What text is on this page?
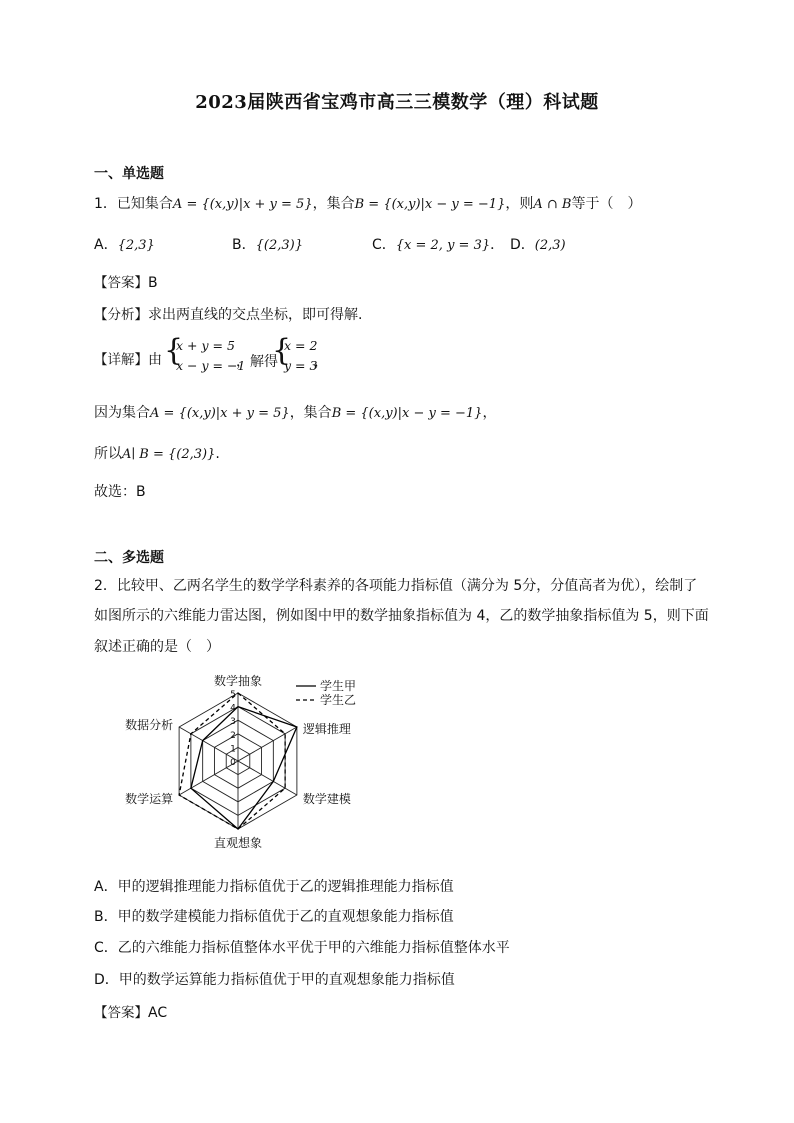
2023届陕西省宝鸡市高三三模数学（理）科试题
一、单选题
1．已知集合A = {(x,y)|x + y = 5}，集合B = {(x,y)|x − y = −1}，则A ∩ B等于（　）
A．{2,3}	B．{(2,3)}	C．{x = 2, y = 3}． D．(2,3)
【答案】B
【分析】求出两直线的交点坐标，即可得解.
【详解】由 {
x + y = 5
x − y = −1
，解得
{
x = 2
y = 3
，
因为集合A = {(x,y)|x + y = 5}，集合B = {(x,y)|x − y = −1}，
所以A∣ B = {(2,3)}.
故选：B
二、多选题
2．比较甲、乙两名学生的数学学科素养的各项能力指标值（满分为 5分，分值高者为优），绘制了
如图所示的六维能力雷达图，例如图中甲的数学抽象指标值为 4，乙的数学抽象指标值为 5，则下面
叙述正确的是（　）
0
1
2
3
4
5
数学抽象
逻辑推理
数学建模
直观想象
数学运算
数据分析
学生甲
学生乙
A．甲的逻辑推理能力指标值优于乙的逻辑推理能力指标值
B．甲的数学建模能力指标值优于乙的直观想象能力指标值
C．乙的六维能力指标值整体水平优于甲的六维能力指标值整体水平
D．甲的数学运算能力指标值优于甲的直观想象能力指标值
【答案】AC
